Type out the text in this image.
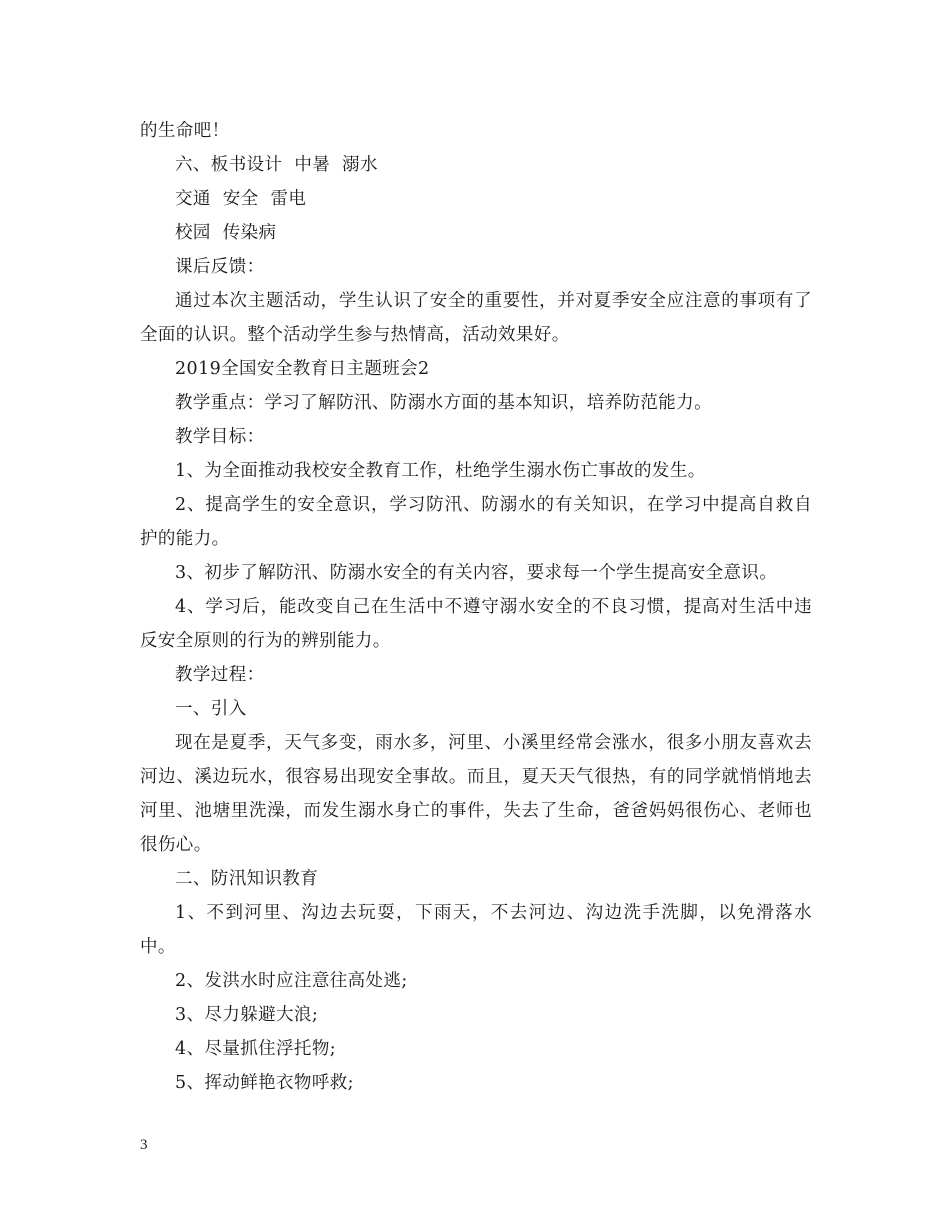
的生命吧！

六、板书设计  中暑  溺水

交通  安全  雷电

校园  传染病

课后反馈：

通过本次主题活动，学生认识了安全的重要性，并对夏季安全应注意的事项有了全面的认识。整个活动学生参与热情高，活动效果好。

2019全国安全教育日主题班会2

教学重点：学习了解防汛、防溺水方面的基本知识，培养防范能力。

教学目标：

1、为全面推动我校安全教育工作，杜绝学生溺水伤亡事故的发生。

2、提高学生的安全意识，学习防汛、防溺水的有关知识，在学习中提高自救自护的能力。

3、初步了解防汛、防溺水安全的有关内容，要求每一个学生提高安全意识。

4、学习后，能改变自己在生活中不遵守溺水安全的不良习惯，提高对生活中违反安全原则的行为的辨别能力。

教学过程：

一、引入

现在是夏季，天气多变，雨水多，河里、小溪里经常会涨水，很多小朋友喜欢去河边、溪边玩水，很容易出现安全事故。而且，夏天天气很热，有的同学就悄悄地去河里、池塘里洗澡，而发生溺水身亡的事件，失去了生命，爸爸妈妈很伤心、老师也很伤心。

二、防汛知识教育

1、不到河里、沟边去玩耍，下雨天，不去河边、沟边洗手洗脚，以免滑落水中。

2、发洪水时应注意往高处逃;

3、尽力躲避大浪;

4、尽量抓住浮托物;

5、挥动鲜艳衣物呼救;

3
